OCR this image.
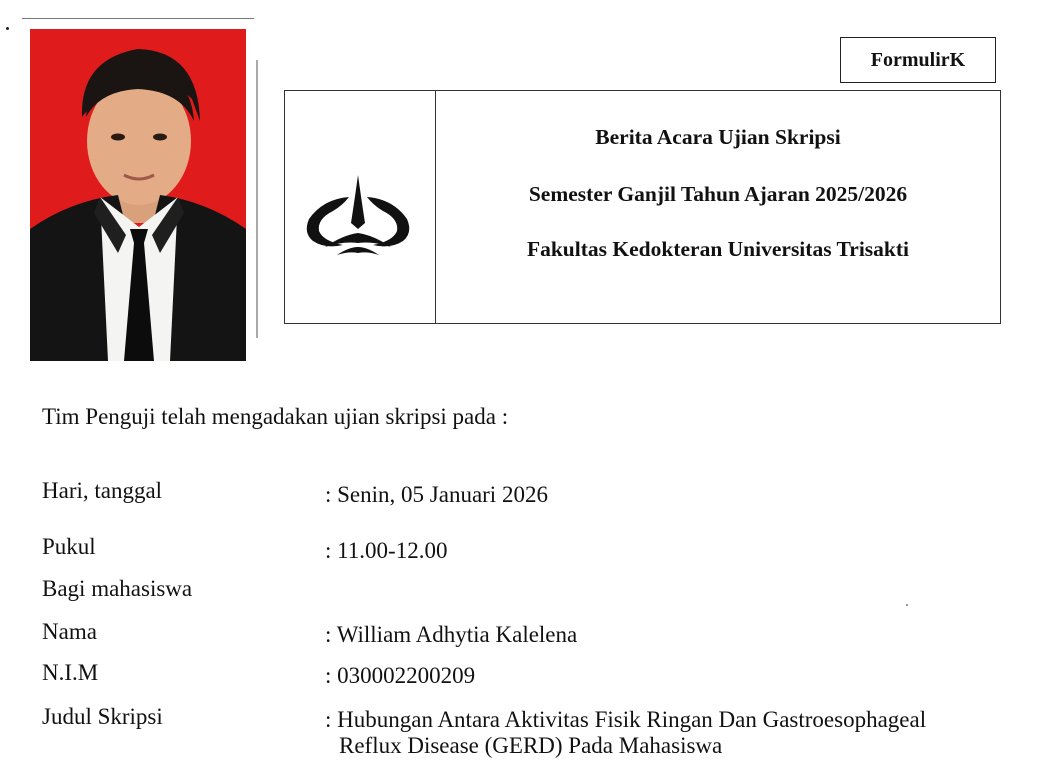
FormulirK
Berita Acara Ujian Skripsi
Semester Ganjil Tahun Ajaran 2025/2026
Fakultas Kedokteran Universitas Trisakti
Tim Penguji telah mengadakan ujian skripsi pada :
Hari, tanggal	: Senin, 05 Januari 2026
Pukul	: 11.00-12.00
Bagi mahasiswa
Nama	: William Adhytia Kalelena
N.I.M	: 030002200209
Judul Skripsi	: Hubungan Antara Aktivitas Fisik Ringan Dan Gastroesophageal
Reflux Disease (GERD) Pada Mahasiswa
